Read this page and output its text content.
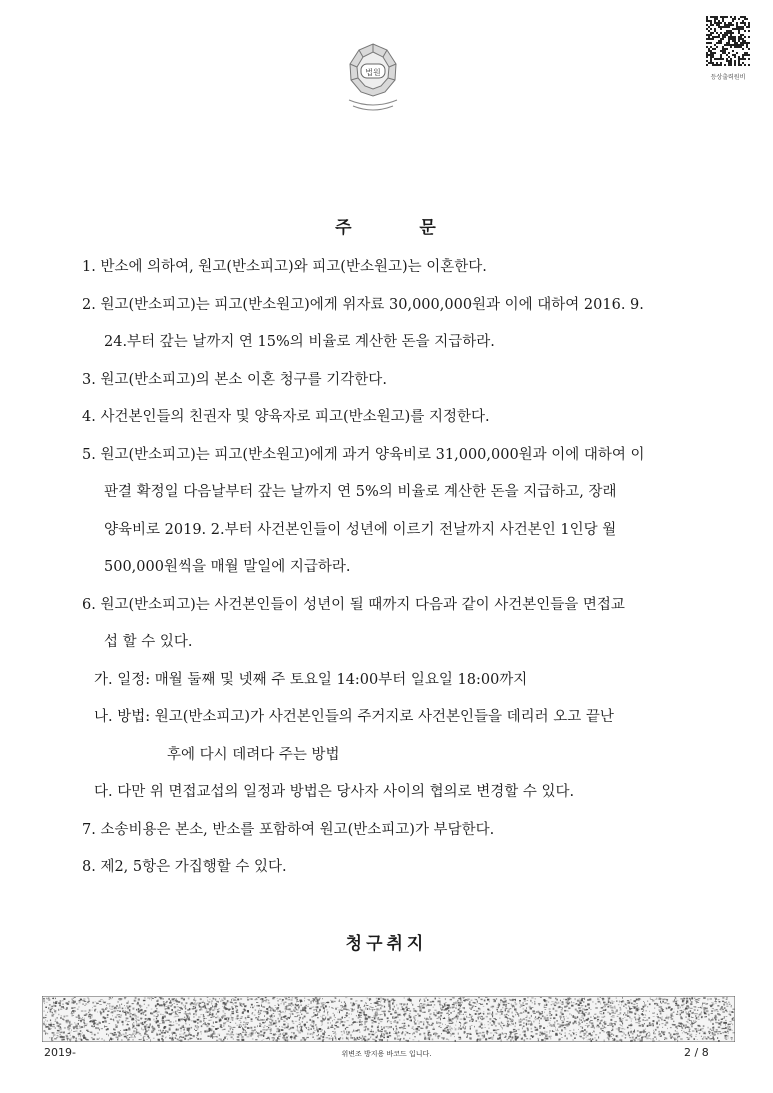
등상출력원비
법원
주	문
1. 반소에 의하여, 원고(반소피고)와 피고(반소원고)는 이혼한다.
2. 원고(반소피고)는 피고(반소원고)에게 위자료 30,000,000원과 이에 대하여 2016. 9.
24.부터 갚는 날까지 연 15%의 비율로 계산한 돈을 지급하라.
3. 원고(반소피고)의 본소 이혼 청구를 기각한다.
4. 사건본인들의 친권자 및 양육자로 피고(반소원고)를 지정한다.
5. 원고(반소피고)는 피고(반소원고)에게 과거 양육비로 31,000,000원과 이에 대하여 이
판결 확정일 다음날부터 갚는 날까지 연 5%의 비율로 계산한 돈을 지급하고, 장래
양육비로 2019. 2.부터 사건본인들이 성년에 이르기 전날까지 사건본인 1인당 월
500,000원씩을 매월 말일에 지급하라.
6. 원고(반소피고)는 사건본인들이 성년이 될 때까지 다음과 같이 사건본인들을 면접교
섭 할 수 있다.
가. 일정: 매월 둘째 및 넷째 주 토요일 14:00부터 일요일 18:00까지
나. 방법: 원고(반소피고)가 사건본인들의 주거지로 사건본인들을 데리러 오고 끝난
후에 다시 데려다 주는 방법
다. 다만 위 면접교섭의 일정과 방법은 당사자 사이의 협의로 변경할 수 있다.
7. 소송비용은 본소, 반소를 포함하여 원고(반소피고)가 부담한다.
8. 제2, 5항은 가집행할 수 있다.
청구취지
2019-	위변조 방지용 바코드 입니다.	2 / 8
